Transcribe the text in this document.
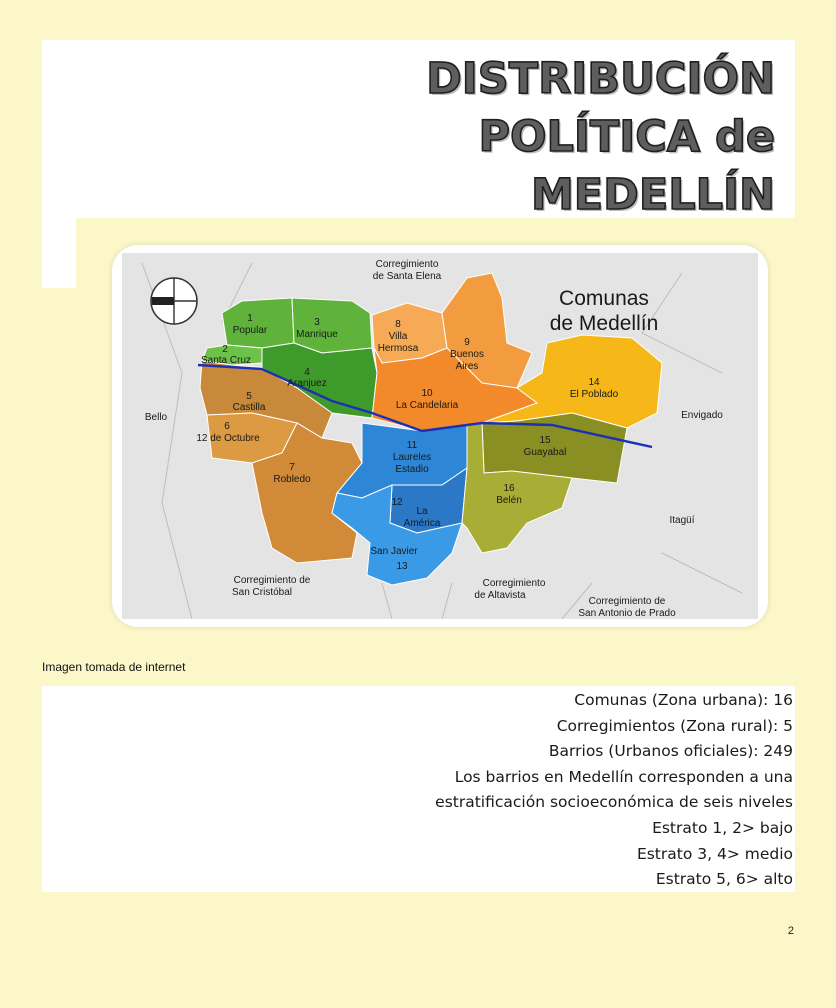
DISTRIBUCIÓN
POLÍTICA de
MEDELLÍN
Comunas
de Medellín
1
Popular
2
Santa Cruz
3
Manrique
4
Aranjuez
5
Castilla
6
12 de Octubre
7
Robledo
8
Villa
Hermosa
9
Buenos
Aires
10
La Candelaria
11
Laureles
Estadio
12
La
América
San Javier
13
14
El Poblado
15
Guayabal
16
Belén
Corregimiento
de Santa Elena
Bello	Envigado
Itagüí
Corregimiento de
San Cristóbal
Corregimiento
de Altavista
Corregimiento de
San Antonio de Prado
Imagen tomada de internet
Comunas (Zona urbana): 16
Corregimientos (Zona rural): 5
Barrios (Urbanos oficiales): 249
Los barrios en Medellín corresponden a una
estratificación socioeconómica de seis niveles
Estrato 1, 2> bajo
Estrato 3, 4> medio
Estrato 5, 6> alto
2
